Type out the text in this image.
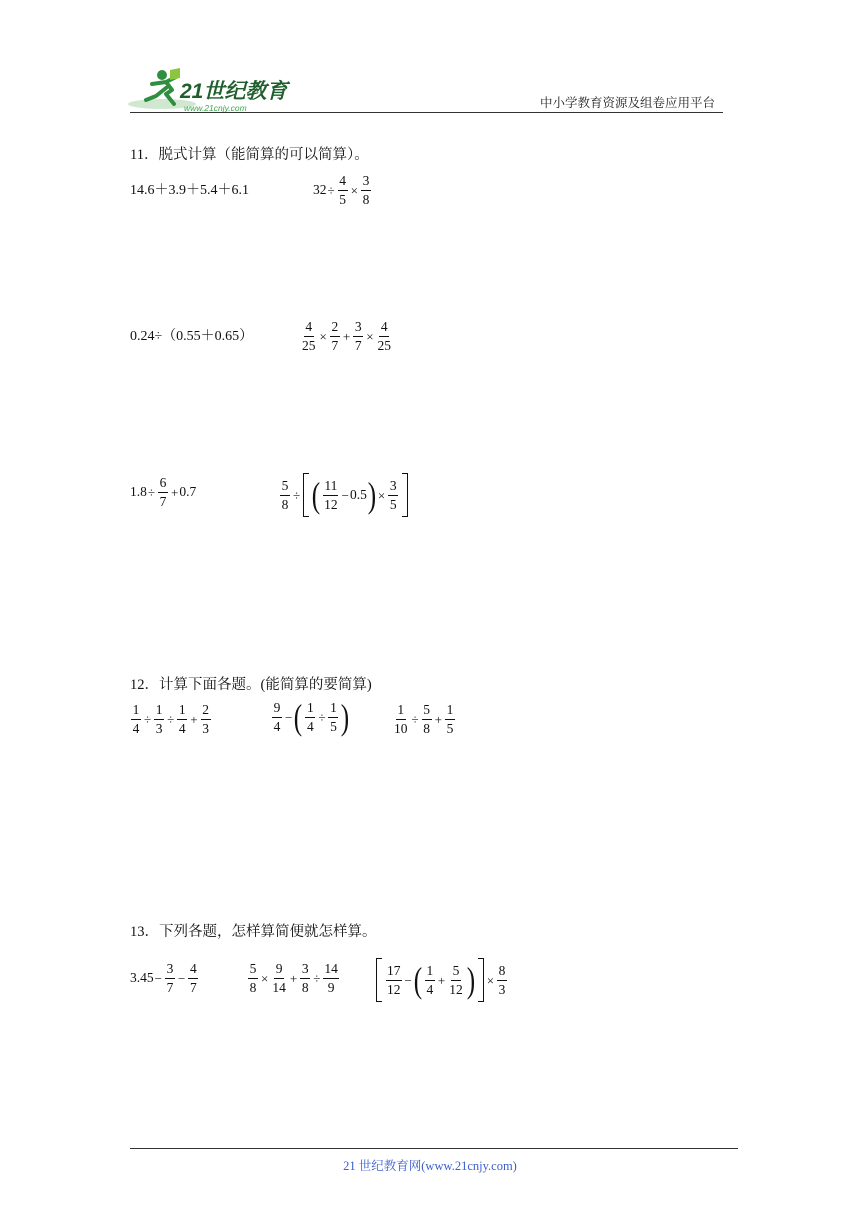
21世纪教育
www.21cnjy.com	中小学教育资源及组卷应用平台
11．脱式计算（能简算的可以简算）。
14.6＋3.9＋5.4＋6.1	$32 \div \frac{4}{5} \times \frac{3}{8}$
0.24÷（0.55＋0.65）	$\frac{4}{25} \times \frac{2}{7} + \frac{3}{7} \times \frac{4}{25}$
$1.8 \div \frac{6}{7} + 0.7$	$\frac{5}{8}$ ÷ ( $\frac{11}{12} - 0.5$ ) × $\frac{3}{5}$
12．计算下面各题。(能简算的要简算)
$\frac{1}{4} \div \frac{1}{3} \div \frac{1}{4} + \frac{2}{3}$	$\frac{9}{4}$ − ( $\frac{1}{4} \div \frac{1}{5}$ )	$\frac{1}{10} \div \frac{5}{8} + \frac{1}{5}$
13．下列各题，怎样算简便就怎样算。
$3.45 - \frac{3}{7} - \frac{4}{7}$	$\frac{5}{8} \times \frac{9}{14} + \frac{3}{8} \div \frac{14}{9}$	$\frac{17}{12}$ − ( $\frac{1}{4} + \frac{5}{12}$ ) × $\frac{8}{3}$
21 世纪教育网(www.21cnjy.com)
